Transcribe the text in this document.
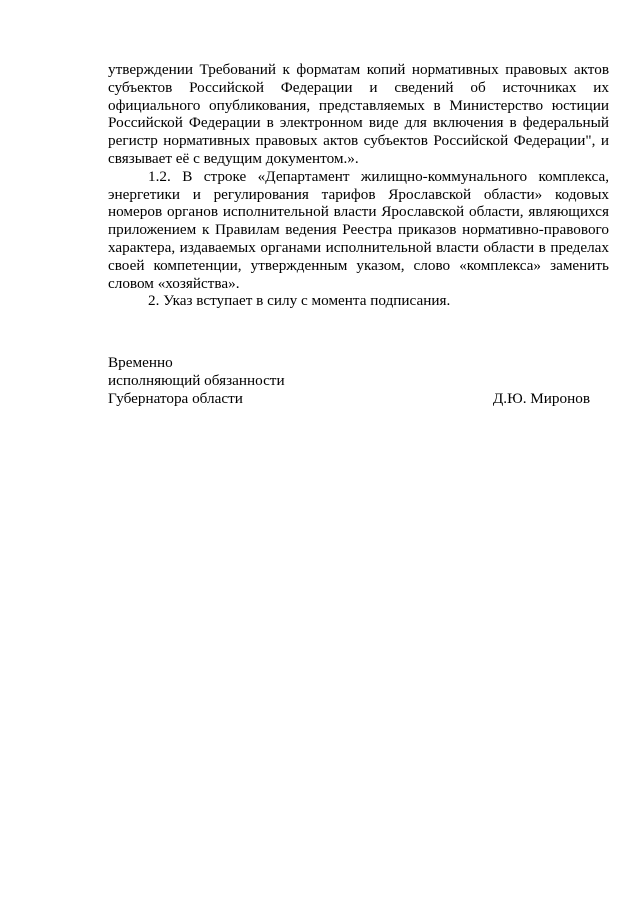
утверждении Требований к форматам копий нормативных правовых актов субъектов Российской Федерации и сведений об источниках их официального опубликования, представляемых в Министерство юстиции Российской Федерации в электронном виде для включения в федеральный регистр нормативных правовых актов субъектов Российской Федерации", и связывает её с ведущим документом.».

1.2. В строке «Департамент жилищно-коммунального комплекса, энергетики и регулирования тарифов Ярославской области» кодовых номеров органов исполнительной власти Ярославской области, являющихся приложением к Правилам ведения Реестра приказов нормативно-правового характера, издаваемых органами исполнительной власти области в пределах своей компетенции, утвержденным указом, слово «комплекса» заменить словом «хозяйства».

2. Указ вступает в силу с момента подписания.

Временно
исполняющий обязанности
Губернатора области	Д.Ю. Миронов
